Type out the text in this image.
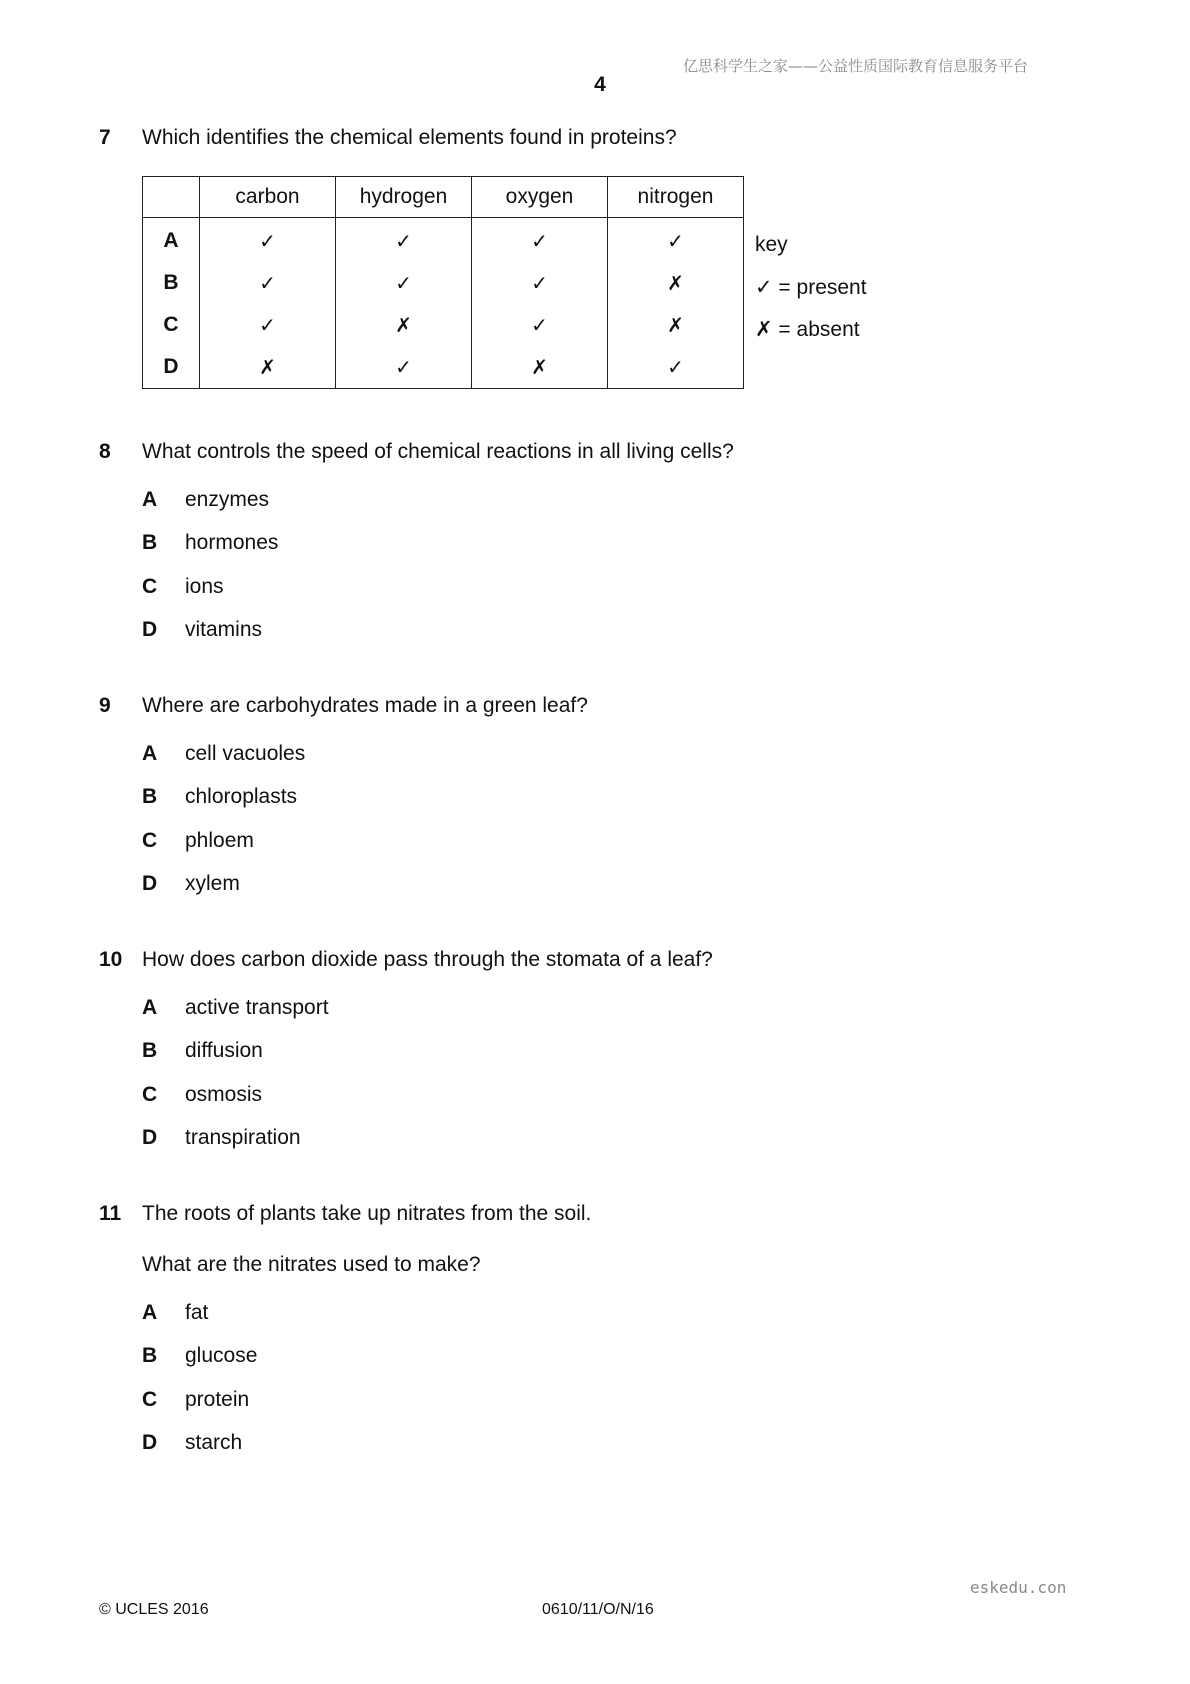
亿思科学生之家——公益性质国际教育信息服务平台
4
7 Which identifies the chemical elements found in proteins?
	carbon	hydrogen	oxygen	nitrogen
A	✓	✓	✓	✓
B	✓	✓	✓	✗
C	✓	✗	✓	✗
D	✗	✓	✗	✓
key
✓ = present
✗ = absent
8 What controls the speed of chemical reactions in all living cells?
A enzymes
B hormones
C ions
D vitamins
9 Where are carbohydrates made in a green leaf?
A cell vacuoles
B chloroplasts
C phloem
D xylem
10 How does carbon dioxide pass through the stomata of a leaf?
A active transport
B diffusion
C osmosis
D transpiration
11 The roots of plants take up nitrates from the soil.
What are the nitrates used to make?
A fat
B glucose
C protein
D starch
eskedu.con
© UCLES 2016	0610/11/O/N/16
